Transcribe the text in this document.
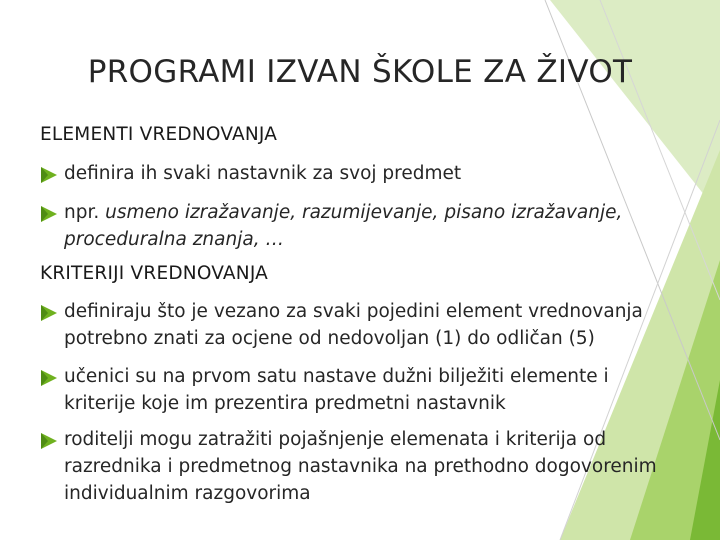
PROGRAMI IZVAN ŠKOLE ZA ŽIVOT
ELEMENTI VREDNOVANJA
definira ih svaki nastavnik za svoj predmet
npr. usmeno izražavanje, razumijevanje, pisano izražavanje,
proceduralna znanja, …
KRITERIJI VREDNOVANJA
definiraju što je vezano za svaki pojedini element vrednovanja
potrebno znati za ocjene od nedovoljan (1) do odličan (5)
učenici su na prvom satu nastave dužni bilježiti elemente i
kriterije koje im prezentira predmetni nastavnik
roditelji mogu zatražiti pojašnjenje elemenata i kriterija od
razrednika i predmetnog nastavnika na prethodno dogovorenim
individualnim razgovorima
